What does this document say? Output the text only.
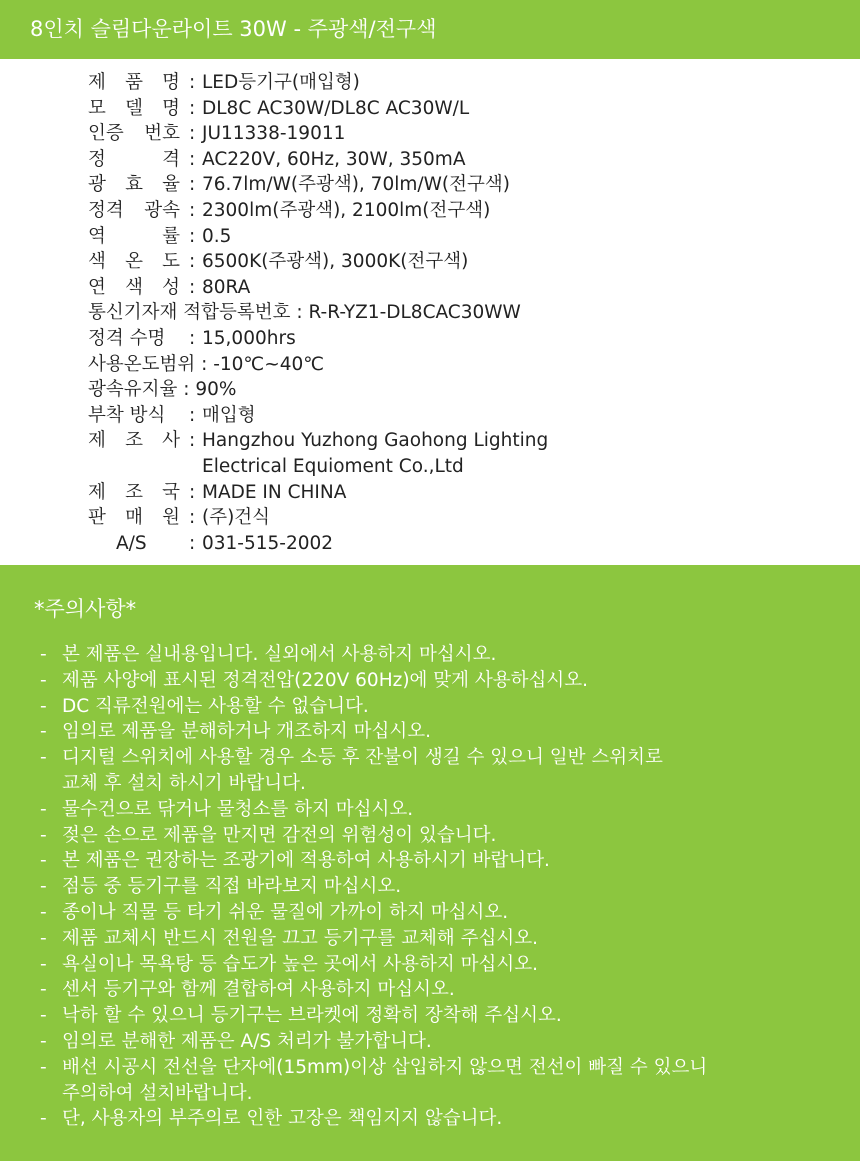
8인치 슬림다운라이트 30W - 주광색/전구색
제 품 명 : LED등기구(매입형)
모 델 명 : DL8C AC30W/DL8C AC30W/L
인증 번호 : JU11338-19011
정	격 : AC220V, 60Hz, 30W, 350mA
광 효 율 : 76.7lm/W(주광색), 70lm/W(전구색)
정격 광속 : 2300lm(주광색), 2100lm(전구색)
역	률 : 0.5
색 온 도 : 6500K(주광색), 3000K(전구색)
연 색 성 : 80RA
통신기자재 적합등록번호 : R-R-YZ1-DL8CAC30WW
정격 수명 : 15,000hrs
사용온도범위 : -10℃~40℃
광속유지율 : 90%
부착 방식 : 매입형
제 조 사 : Hangzhou Yuzhong Gaohong Lighting
Electrical Equioment Co.,Ltd
제 조 국 : MADE IN CHINA
판 매 원 : (주)건식
A/S : 031-515-2002
*주의사항*
- 본 제품은 실내용입니다. 실외에서 사용하지 마십시오.
- 제품 사양에 표시된 정격전압(220V 60Hz)에 맞게 사용하십시오.
- DC 직류전원에는 사용할 수 없습니다.
- 임의로 제품을 분해하거나 개조하지 마십시오.
- 디지털 스위치에 사용할 경우 소등 후 잔불이 생길 수 있으니 일반 스위치로
교체 후 설치 하시기 바랍니다.
- 물수건으로 닦거나 물청소를 하지 마십시오.
- 젖은 손으로 제품을 만지면 감전의 위험성이 있습니다.
- 본 제품은 권장하는 조광기에 적용하여 사용하시기 바랍니다.
- 점등 중 등기구를 직접 바라보지 마십시오.
- 종이나 직물 등 타기 쉬운 물질에 가까이 하지 마십시오.
- 제품 교체시 반드시 전원을 끄고 등기구를 교체해 주십시오.
- 욕실이나 목욕탕 등 습도가 높은 곳에서 사용하지 마십시오.
- 센서 등기구와 함께 결합하여 사용하지 마십시오.
- 낙하 할 수 있으니 등기구는 브라켓에 정확히 장착해 주십시오.
- 임의로 분해한 제품은 A/S 처리가 불가합니다.
- 배선 시공시 전선을 단자에(15mm)이상 삽입하지 않으면 전선이 빠질 수 있으니
주의하여 설치바랍니다.
- 단, 사용자의 부주의로 인한 고장은 책임지지 않습니다.
